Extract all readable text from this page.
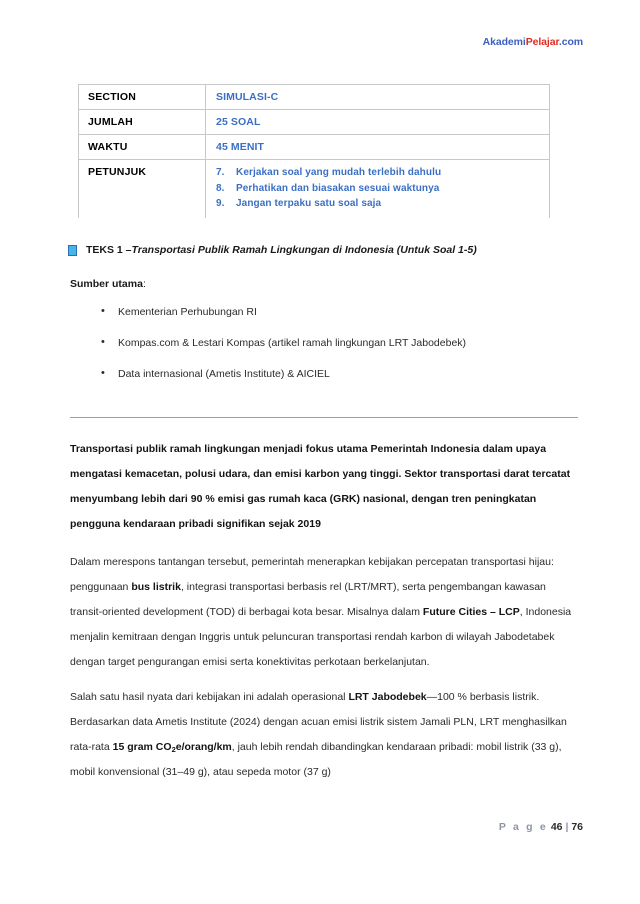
AkademiPelajar.com
SECTION	SIMULASI-C
JUMLAH	25 SOAL
WAKTU	45 MENIT
PETUNJUK	7. Kerjakan soal yang mudah terlebih dahulu
8. Perhatikan dan biasakan sesuai waktunya
9. Jangan terpaku satu soal saja
TEKS 1 – Transportasi Publik Ramah Lingkungan di Indonesia (Untuk Soal 1-5)
Sumber utama:
• Kementerian Perhubungan RI
• Kompas.com & Lestari Kompas (artikel ramah lingkungan LRT Jabodebek)
• Data internasional (Ametis Institute) & AICIEL

Transportasi publik ramah lingkungan menjadi fokus utama Pemerintah Indonesia dalam upaya mengatasi kemacetan, polusi udara, dan emisi karbon yang tinggi. Sektor transportasi darat tercatat menyumbang lebih dari 90 % emisi gas rumah kaca (GRK) nasional, dengan tren peningkatan pengguna kendaraan pribadi signifikan sejak 2019

Dalam merespons tantangan tersebut, pemerintah menerapkan kebijakan percepatan transportasi hijau: penggunaan bus listrik, integrasi transportasi berbasis rel (LRT/MRT), serta pengembangan kawasan transit-oriented development (TOD) di berbagai kota besar. Misalnya dalam Future Cities – LCP, Indonesia menjalin kemitraan dengan Inggris untuk peluncuran transportasi rendah karbon di wilayah Jabodetabek dengan target pengurangan emisi serta konektivitas perkotaan berkelanjutan.

Salah satu hasil nyata dari kebijakan ini adalah operasional LRT Jabodebek—100 % berbasis listrik. Berdasarkan data Ametis Institute (2024) dengan acuan emisi listrik sistem Jamali PLN, LRT menghasilkan rata-rata 15 gram $CO_2e/orang/km$, jauh lebih rendah dibandingkan kendaraan pribadi: mobil listrik (33 g), mobil konvensional (31–49 g), atau sepeda motor (37 g)

P a g e 46 | 76
